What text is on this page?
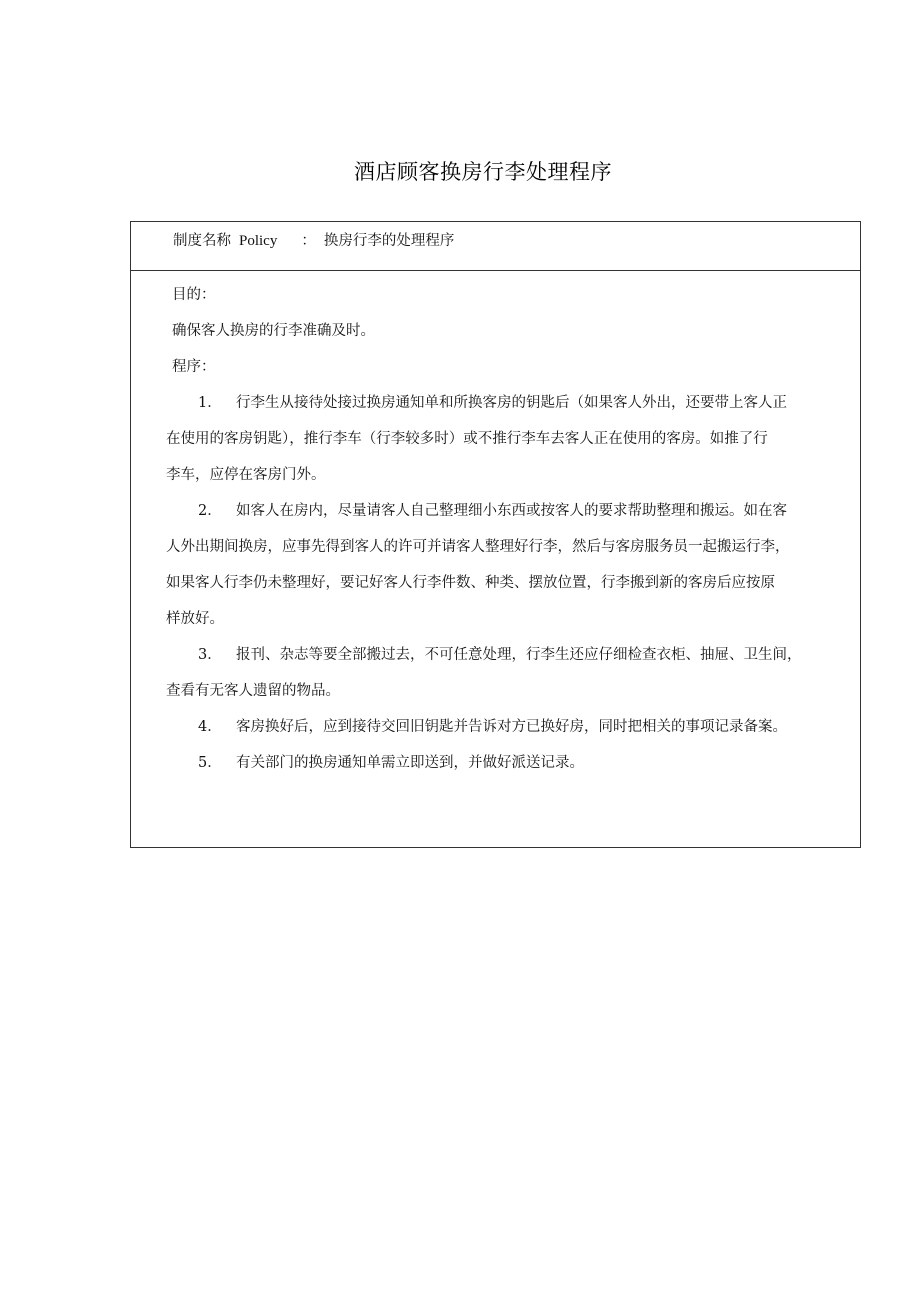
酒店顾客换房行李处理程序
制度名称 Policy ： 换房行李的处理程序
目的：
确保客人换房的行李准确及时。
程序：
1． 行李生从接待处接过换房通知单和所换客房的钥匙后（如果客人外出，还要带上客人正
在使用的客房钥匙），推行李车（行李较多时）或不推行李车去客人正在使用的客房。如推了行
李车，应停在客房门外。
2． 如客人在房内，尽量请客人自己整理细小东西或按客人的要求帮助整理和搬运。如在客
人外出期间换房，应事先得到客人的许可并请客人整理好行李，然后与客房服务员一起搬运行李，
如果客人行李仍未整理好，要记好客人行李件数、种类、摆放位置，行李搬到新的客房后应按原
样放好。
3． 报刊、杂志等要全部搬过去，不可任意处理，行李生还应仔细检查衣柜、抽屉、卫生间，
查看有无客人遗留的物品。
4． 客房换好后，应到接待交回旧钥匙并告诉对方已换好房，同时把相关的事项记录备案。
5． 有关部门的换房通知单需立即送到，并做好派送记录。
